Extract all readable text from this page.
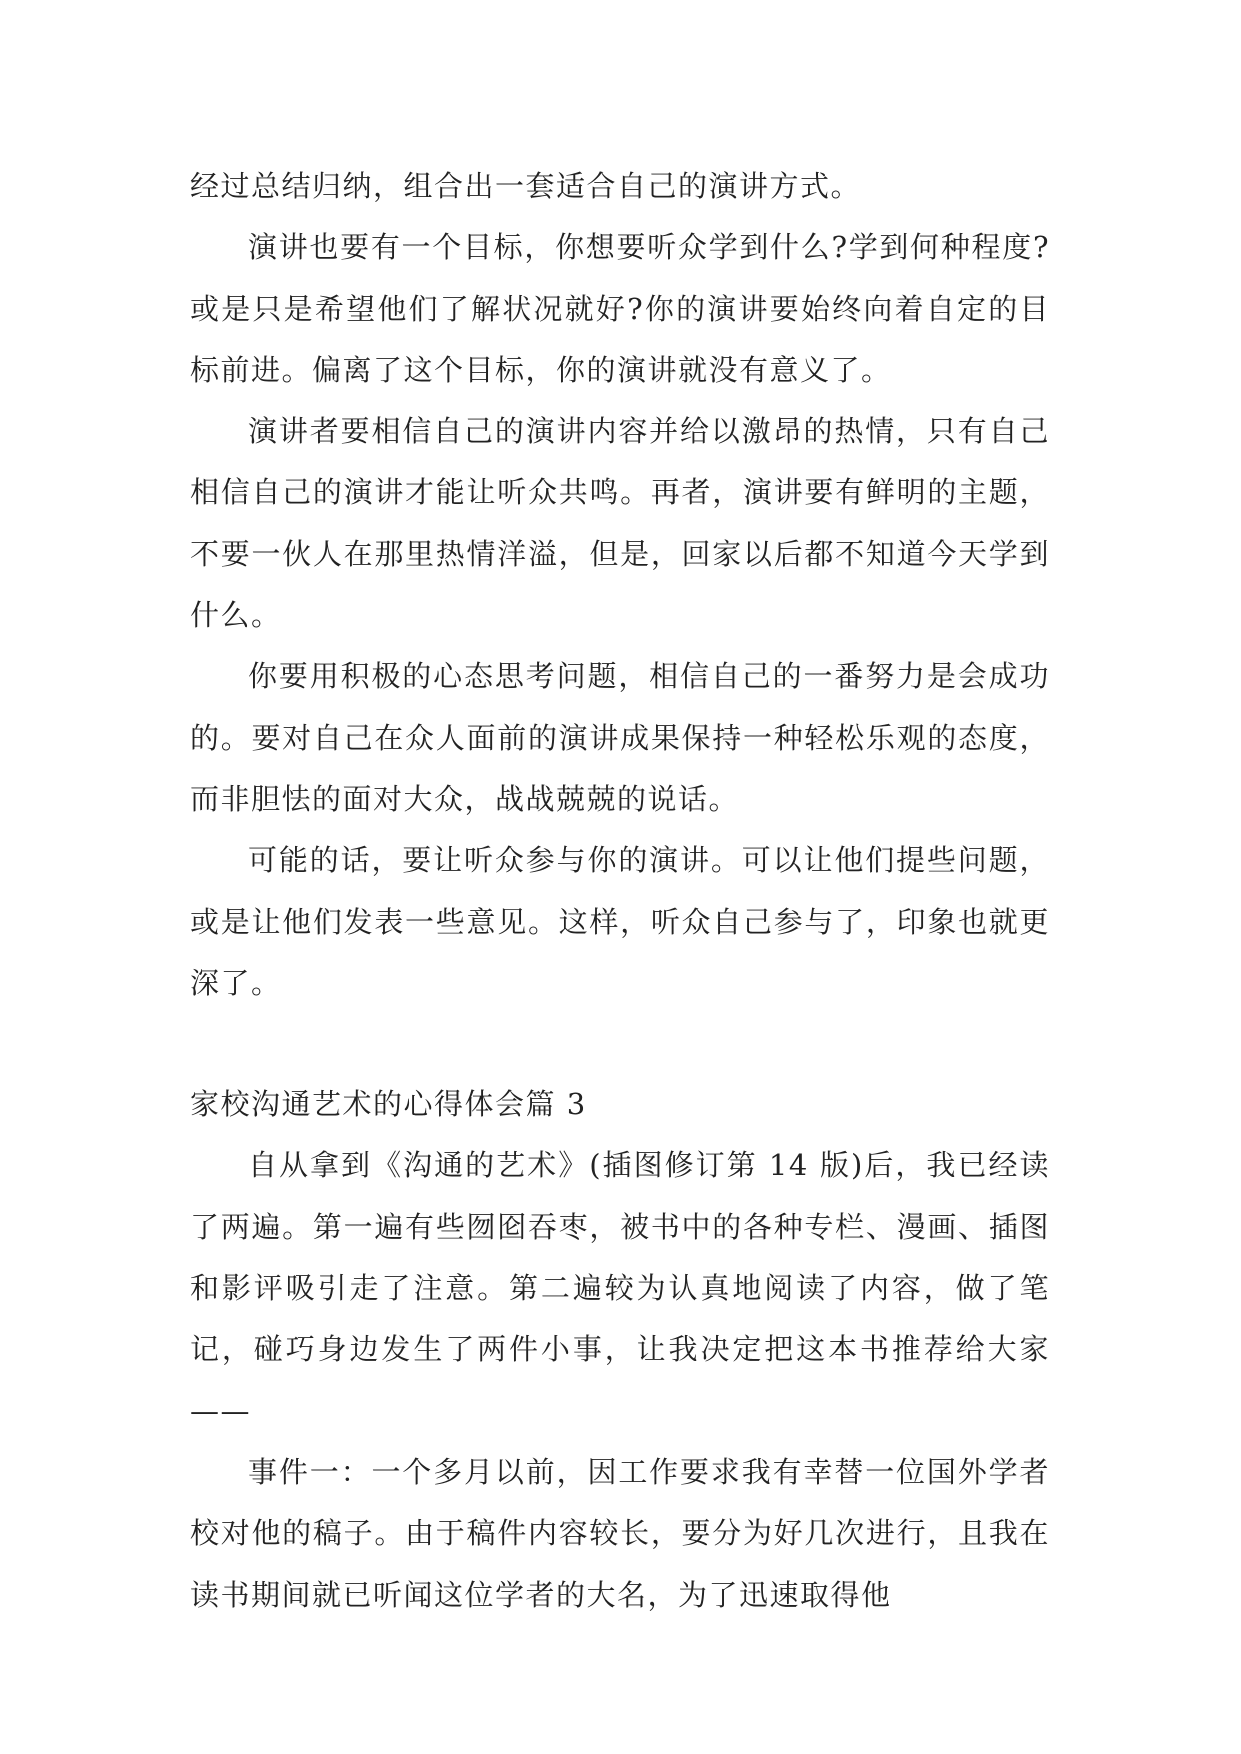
经过总结归纳，组合出一套适合自己的演讲方式。

演讲也要有一个目标，你想要听众学到什么?学到何种程度?或是只是希望他们了解状况就好?你的演讲要始终向着自定的目标前进。偏离了这个目标，你的演讲就没有意义了。

演讲者要相信自己的演讲内容并给以激昂的热情，只有自己相信自己的演讲才能让听众共鸣。再者，演讲要有鲜明的主题，不要一伙人在那里热情洋溢，但是，回家以后都不知道今天学到什么。

你要用积极的心态思考问题，相信自己的一番努力是会成功的。要对自己在众人面前的演讲成果保持一种轻松乐观的态度，而非胆怯的面对大众，战战兢兢的说话。

可能的话，要让听众参与你的演讲。可以让他们提些问题，或是让他们发表一些意见。这样，听众自己参与了，印象也就更深了。

家校沟通艺术的心得体会篇 3

自从拿到《沟通的艺术》(插图修订第 14 版)后，我已经读了两遍。第一遍有些囫囵吞枣，被书中的各种专栏、漫画、插图和影评吸引走了注意。第二遍较为认真地阅读了内容，做了笔记，碰巧身边发生了两件小事，让我决定把这本书推荐给大家——

事件一：一个多月以前，因工作要求我有幸替一位国外学者校对他的稿子。由于稿件内容较长，要分为好几次进行，且我在读书期间就已听闻这位学者的大名，为了迅速取得他
